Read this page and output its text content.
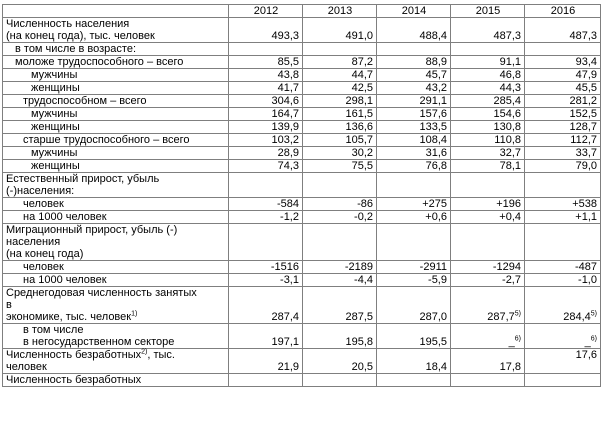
	2012	2013	2014	2015	2016
Численность населения
(на конец года), тыс. человек	493,3	491,0	488,4	487,3	487,3
в том числе в возрасте:					
моложе трудоспособного – всего	85,5	87,2	88,9	91,1	93,4
мужчины	43,8	44,7	45,7	46,8	47,9
женщины	41,7	42,5	43,2	44,3	45,5
трудоспособном – всего	304,6	298,1	291,1	285,4	281,2
мужчины	164,7	161,5	157,6	154,6	152,5
женщины	139,9	136,6	133,5	130,8	128,7
старше трудоспособного – всего	103,2	105,7	108,4	110,8	112,7
мужчины	28,9	30,2	31,6	32,7	33,7
женщины	74,3	75,5	76,8	78,1	79,0
Естественный прирост, убыль
(-)населения:					
человек	-584	-86	+275	+196	+538
на 1000 человек	-1,2	-0,2	+0,6	+0,4	+1,1
Миграционный прирост, убыль (-)
населения
(на конец года)					
человек	-1516	-2189	-2911	-1294	-487
на 1000 человек	-3,1	-4,4	-5,9	-2,7	-1,0
Среднегодовая численность занятых
в
экономике, тыс. человек$^{1)}$	287,4	287,5	287,0	287,7$^{5)}$	284,4$^{5)}$
в том числе
в негосударственном секторе	197,1	195,8	195,5	_$^{6)}$	_$^{6)}$
Численность безработных$^{2)}$, тыс.
человек	21,9	20,5	18,4	17,8	17,6
Численность безработных					
